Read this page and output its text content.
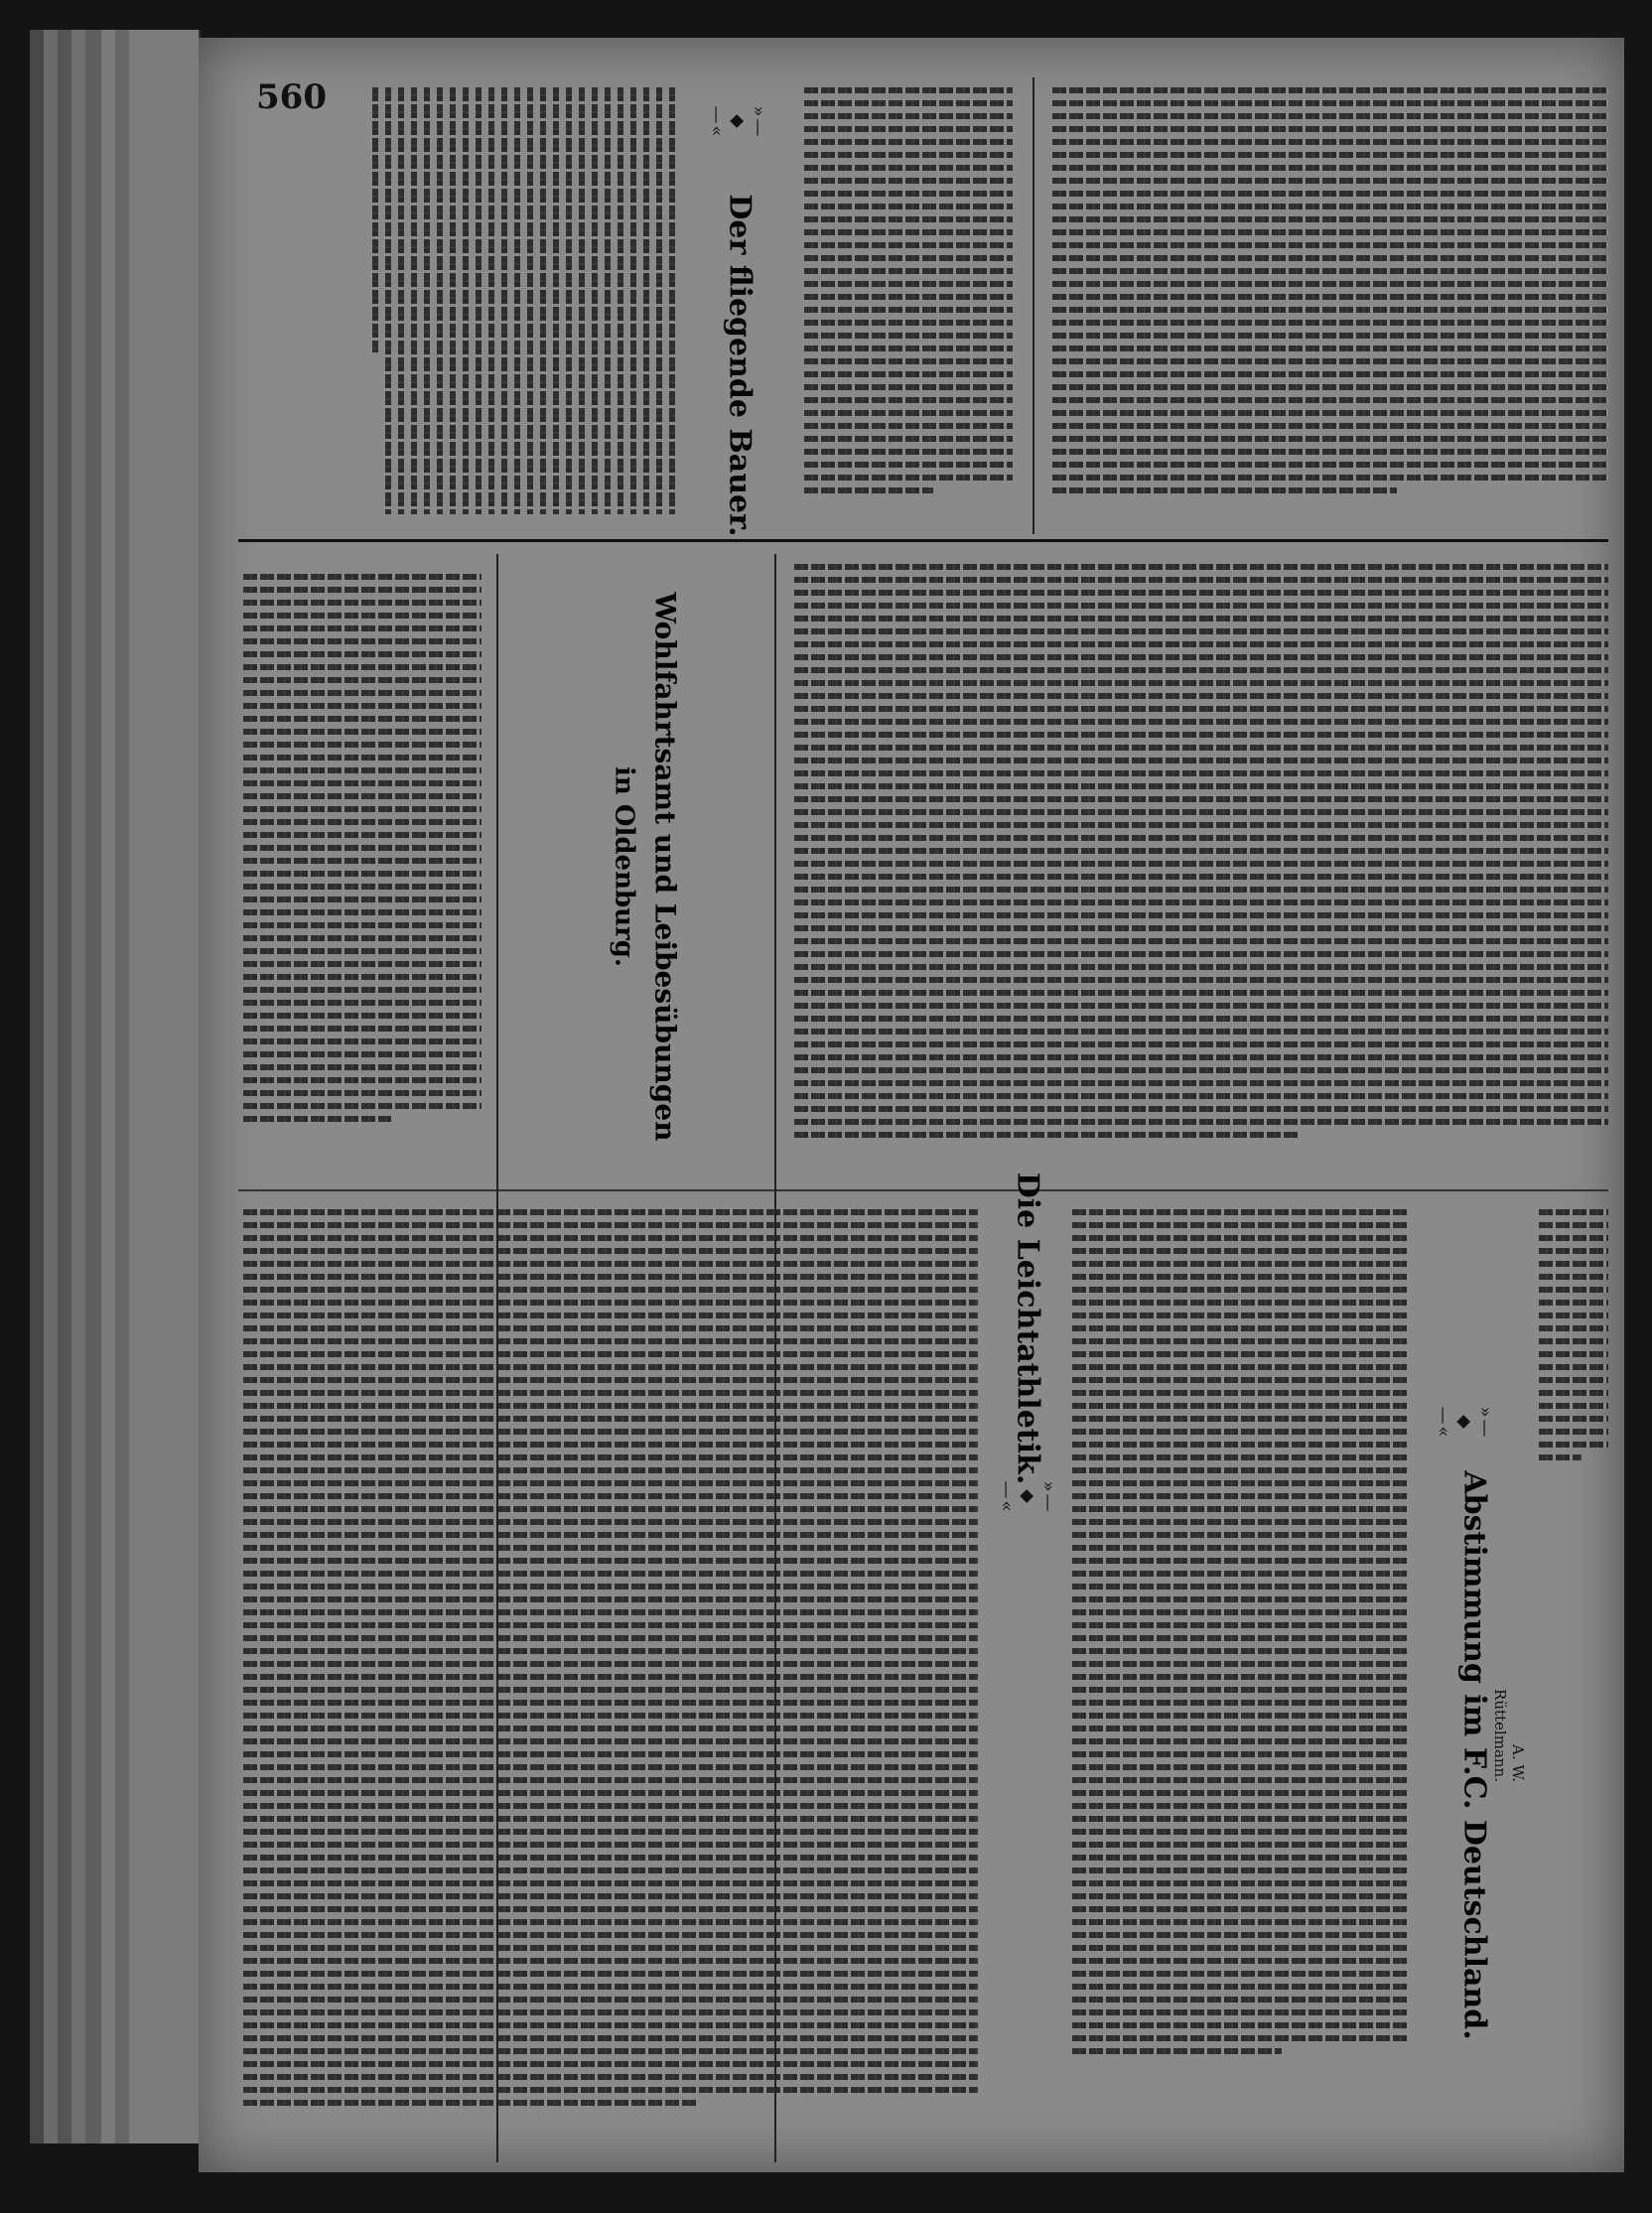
560
Der fliegende Bauer.
»—◆—«
Wohlfahrtsamt und Leibesübungen
in Oldenburg.
Die Leichtathletik.
»—◆—«	Abstimmung im F.C. Deutschland.
»—◆—«
A. W. Rüttelmann.
